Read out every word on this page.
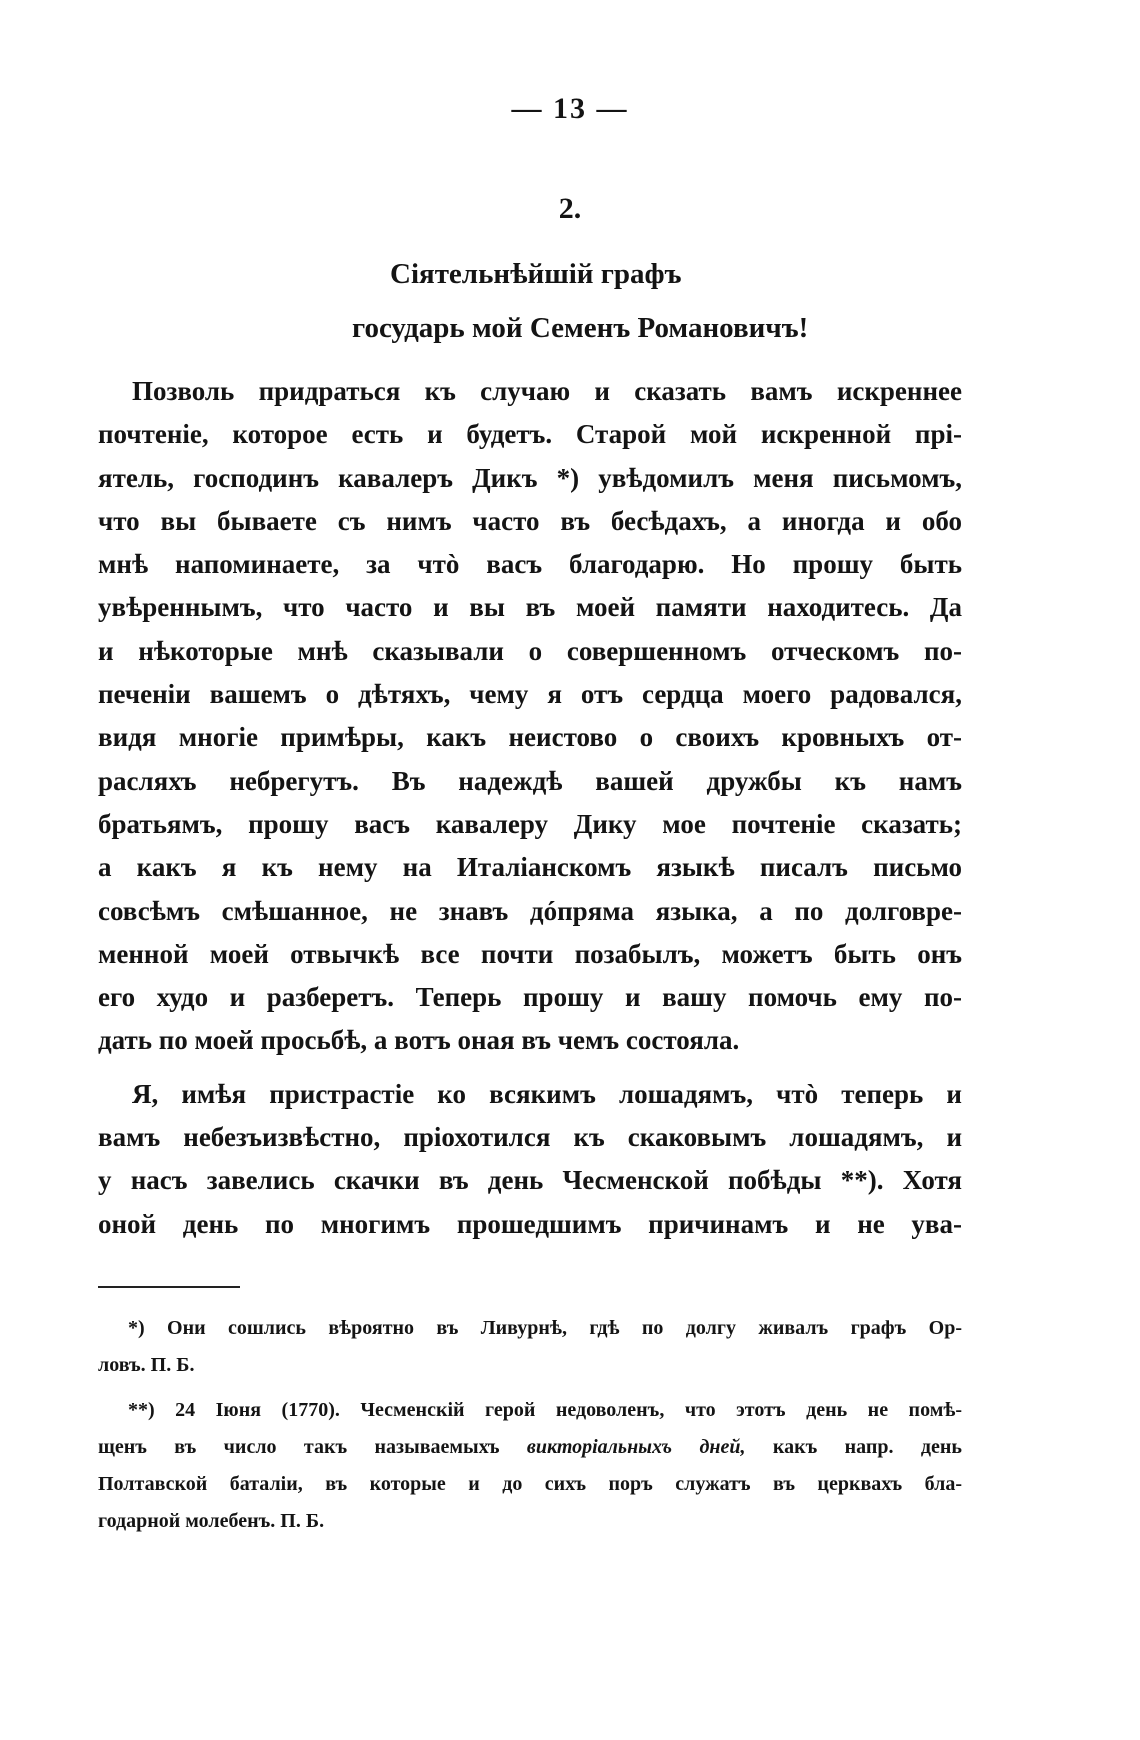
— 13 —
2.
Сіятельнѣйшій графъ
государь мой Семенъ Романовичъ!
Позволь придраться къ случаю и сказать вамъ искреннее
почтеніе, которое есть и будетъ. Старой мой искренной прі-
ятель, господинъ кавалеръ Дикъ *) увѣдомилъ меня письмомъ,
что вы бываете съ нимъ часто въ бесѣдахъ, а иногда и обо
мнѣ напоминаете, за чтò васъ благодарю. Но прошу быть
увѣреннымъ, что часто и вы въ моей памяти находитесь. Да
и нѣкоторые мнѣ сказывали о совершенномъ отческомъ по-
печеніи вашемъ о дѣтяхъ, чему я отъ сердца моего радовался,
видя многіе примѣры, какъ неистово о своихъ кровныхъ от-
расляхъ небрегутъ. Въ надеждѣ вашей дружбы къ намъ
братьямъ, прошу васъ кавалеру Дику мое почтеніе сказать;
а какъ я къ нему на Италіанскомъ языкѣ писалъ письмо
совсѣмъ смѣшанное, не знавъ дóпряма языка, а по долговре-
менной моей отвычкѣ все почти позабылъ, можетъ быть онъ
его худо и разберетъ. Теперь прошу и вашу помочь ему по-
дать по моей просьбѣ, а вотъ оная въ чемъ состояла.
Я, имѣя пристрастіе ко всякимъ лошадямъ, чтò теперь и
вамъ небезъизвѣстно, пріохотился къ скаковымъ лошадямъ, и
у насъ завелись скачки въ день Чесменской побѣды **). Хотя
оной день по многимъ прошедшимъ причинамъ и не ува-
*) Они сошлись вѣроятно въ Ливурнѣ, гдѣ по долгу живалъ графъ Ор-
ловъ. П. Б.
**) 24 Іюня (1770). Чесменскій герой недоволенъ, что этотъ день не помѣ-
щенъ въ число такъ называемыхъ викторіальныхъ дней, какъ напр. день
Полтавской баталіи, въ которые и до сихъ поръ служатъ въ церквахъ бла-
годарной молебенъ. П. Б.
